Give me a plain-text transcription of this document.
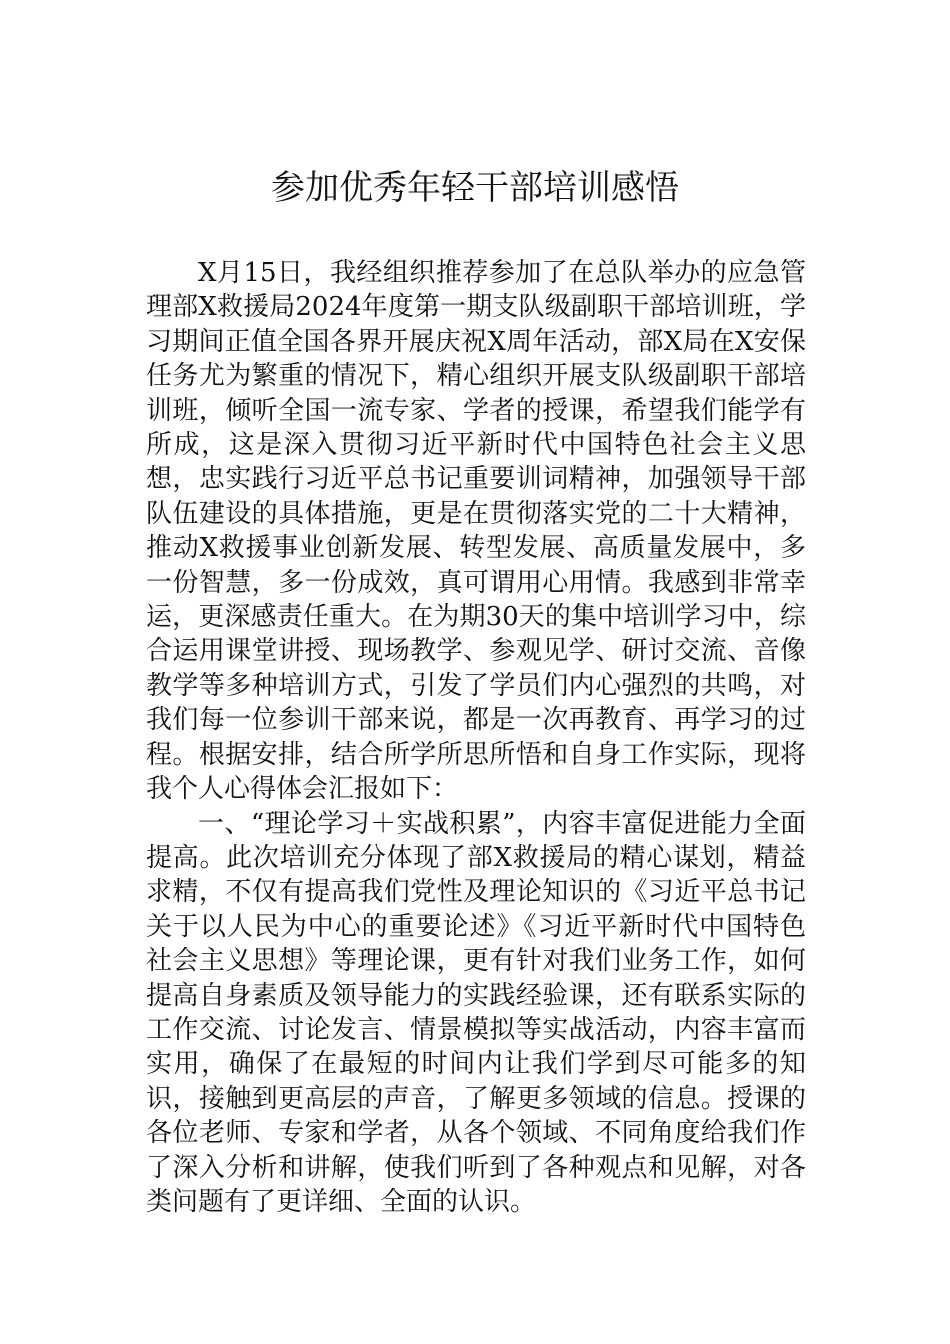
参加优秀年轻干部培训感悟

X月15日，我经组织推荐参加了在总队举办的应急管理部X救援局2024年度第一期支队级副职干部培训班，学习期间正值全国各界开展庆祝X周年活动，部X局在X安保任务尤为繁重的情况下，精心组织开展支队级副职干部培训班，倾听全国一流专家、学者的授课，希望我们能学有所成，这是深入贯彻习近平新时代中国特色社会主义思想，忠实践行习近平总书记重要训词精神，加强领导干部队伍建设的具体措施，更是在贯彻落实党的二十大精神，推动X救援事业创新发展、转型发展、高质量发展中，多一份智慧，多一份成效，真可谓用心用情。我感到非常幸运，更深感责任重大。在为期30天的集中培训学习中，综合运用课堂讲授、现场教学、参观见学、研讨交流、音像教学等多种培训方式，引发了学员们内心强烈的共鸣，对我们每一位参训干部来说，都是一次再教育、再学习的过程。根据安排，结合所学所思所悟和自身工作实际，现将我个人心得体会汇报如下：

一、“理论学习＋实战积累”，内容丰富促进能力全面提高。此次培训充分体现了部X救援局的精心谋划，精益求精，不仅有提高我们党性及理论知识的《习近平总书记关于以人民为中心的重要论述》《习近平新时代中国特色社会主义思想》等理论课，更有针对我们业务工作，如何提高自身素质及领导能力的实践经验课，还有联系实际的工作交流、讨论发言、情景模拟等实战活动，内容丰富而实用，确保了在最短的时间内让我们学到尽可能多的知识，接触到更高层的声音，了解更多领域的信息。授课的各位老师、专家和学者，从各个领域、不同角度给我们作了深入分析和讲解，使我们听到了各种观点和见解，对各类问题有了更详细、全面的认识。
